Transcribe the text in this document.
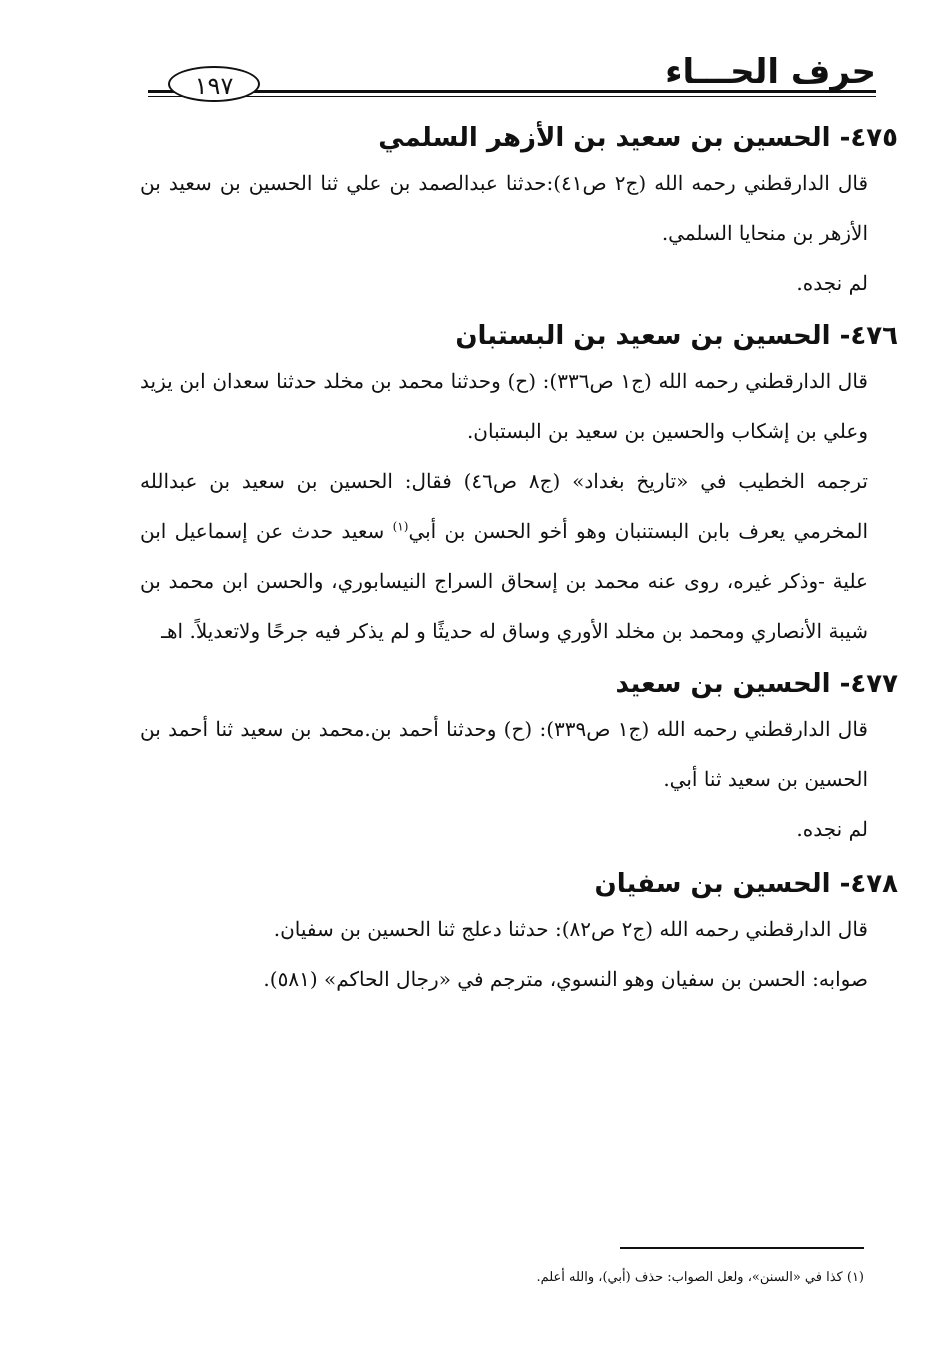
١٩٧	حرف الحـــاء
٤٧٥- الحسين بن سعيد بن الأزهر السلمي

قال الدارقطني رحمه الله (ج٢ ص٤١):حدثنا عبدالصمد بن علي ثنا الحسين بن سعيد بن الأزهر بن منحايا السلمي.

لم نجده.

٤٧٦- الحسين بن سعيد بن البستبان

قال الدارقطني رحمه الله (ج١ ص٣٣٦): (ح) وحدثنا محمد بن مخلد حدثنا سعدان ابن يزيد وعلي بن إشكاب والحسين بن سعيد بن البستبان.

ترجمه الخطيب في «تاريخ بغداد» (ج٨ ص٤٦) فقال: الحسين بن سعيد بن عبدالله المخرمي يعرف بابن البستنبان وهو أخو الحسن بن أبي$^{(١)}$ سعيد حدث عن إسماعيل ابن علية -وذكر غيره، روى عنه محمد بن إسحاق السراج النيسابوري، والحسن ابن محمد بن شيبة الأنصاري ومحمد بن مخلد الأوري وساق له حديثًا و لم يذكر فيه جرحًا ولاتعديلاً. اهـ

٤٧٧- الحسين بن سعيد

قال الدارقطني رحمه الله (ج١ ص٣٣٩): (ح) وحدثنا أحمد بن.محمد بن سعيد ثنا أحمد بن الحسين بن سعيد ثنا أبي.

لم نجده.

٤٧٨- الحسين بن سفيان

قال الدارقطني رحمه الله (ج٢ ص٨٢): حدثنا دعلج ثنا الحسين بن سفيان.

صوابه: الحسن بن سفيان وهو النسوي، مترجم في «رجال الحاكم» (٥٨١).

(١) كذا في «السنن»، ولعل الصواب: حذف (أبي)، والله أعلم.
